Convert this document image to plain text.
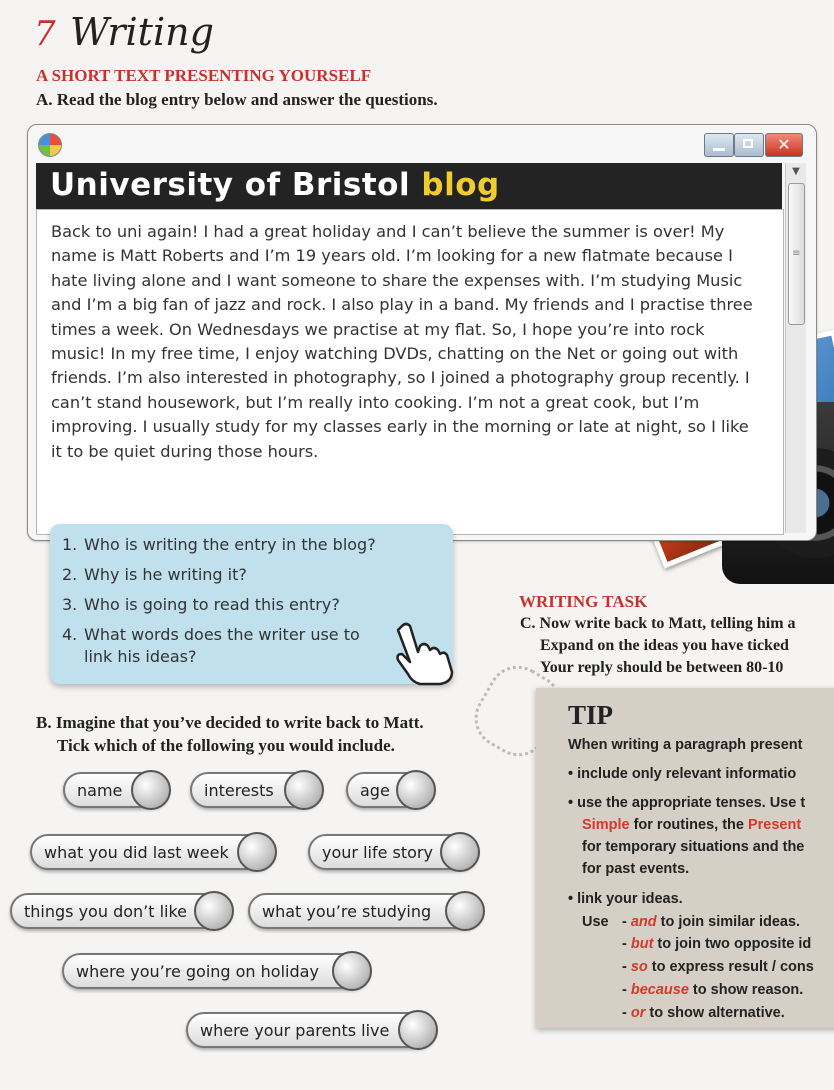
7 Writing
A SHORT TEXT PRESENTING YOURSELF
A. Read the blog entry below and answer the questions.
✕
University of Bristol blog
Back to uni again! I had a great holiday and I can’t believe the summer is over! My name is Matt Roberts and I’m 19 years old. I’m looking for a new flatmate because I hate living alone and I want someone to share the expenses with. I’m studying Music and I’m a big fan of jazz and rock. I also play in a band. My friends and I practise three times a week. On Wednesdays we practise at my flat. So, I hope you’re into rock music! In my free time, I enjoy watching DVDs, chatting on the Net or going out with friends. I’m also interested in photography, so I joined a photography group recently. I can’t stand housework, but I’m really into cooking. I’m not a great cook, but I’m improving. I usually study for my classes early in the morning or late at night, so I like it to be quiet during those hours.
▼
≡
1. Who is writing the entry in the blog?
2. Why is he writing it?
3. Who is going to read this entry?
4. What words does the writer use to link his ideas?
WRITING TASK
C. Now write back to Matt, telling him a
Expand on the ideas you have ticked
Your reply should be between 80-10
B. Imagine that you’ve decided to write back to Matt.
Tick which of the following you would include.
name	interests	age
what you did last week	your life story
things you don’t like	what you’re studying
where you’re going on holiday
where your parents live
TIP
When writing a paragraph present
• include only relevant informatio
• use the appropriate tenses. Use t
Simple for routines, the Present
for temporary situations and the
for past events.
• link your ideas.
Use - and to join similar ideas.
- but to join two opposite id
- so to express result / cons
- because to show reason.
- or to show alternative.
